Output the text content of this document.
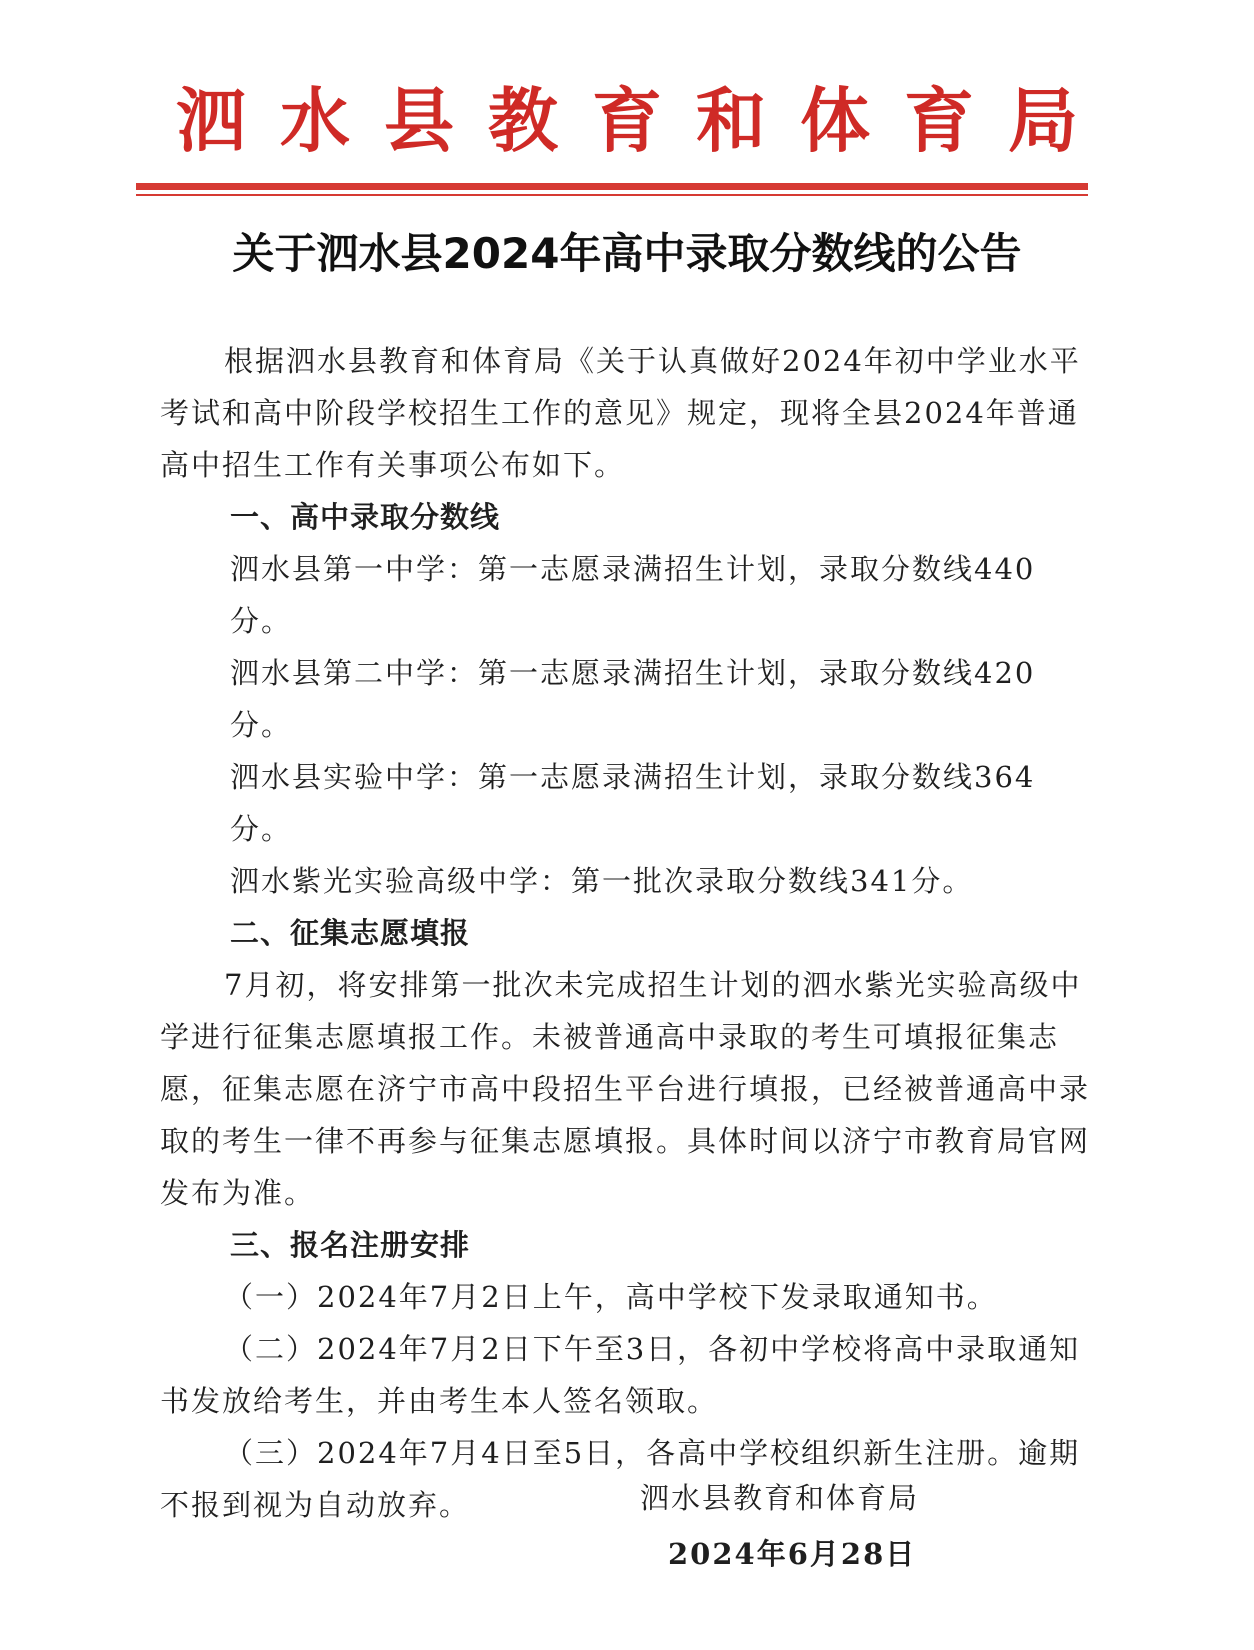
泗水县教育和体育局
关于泗水县2024年高中录取分数线的公告

根据泗水县教育和体育局《关于认真做好2024年初中学业水平考试和高中阶段学校招生工作的意见》规定，现将全县2024年普通高中招生工作有关事项公布如下。

一、高中录取分数线

泗水县第一中学：第一志愿录满招生计划，录取分数线440分。

泗水县第二中学：第一志愿录满招生计划，录取分数线420分。

泗水县实验中学：第一志愿录满招生计划，录取分数线364分。

泗水紫光实验高级中学：第一批次录取分数线341分。

二、征集志愿填报

7月初，将安排第一批次未完成招生计划的泗水紫光实验高级中学进行征集志愿填报工作。未被普通高中录取的考生可填报征集志愿，征集志愿在济宁市高中段招生平台进行填报，已经被普通高中录取的考生一律不再参与征集志愿填报。具体时间以济宁市教育局官网发布为准。

三、报名注册安排

（一）2024年7月2日上午，高中学校下发录取通知书。

（二）2024年7月2日下午至3日，各初中学校将高中录取通知书发放给考生，并由考生本人签名领取。

（三）2024年7月4日至5日，各高中学校组织新生注册。逾期不报到视为自动放弃。	泗水县教育和体育局
2024年6月28日
